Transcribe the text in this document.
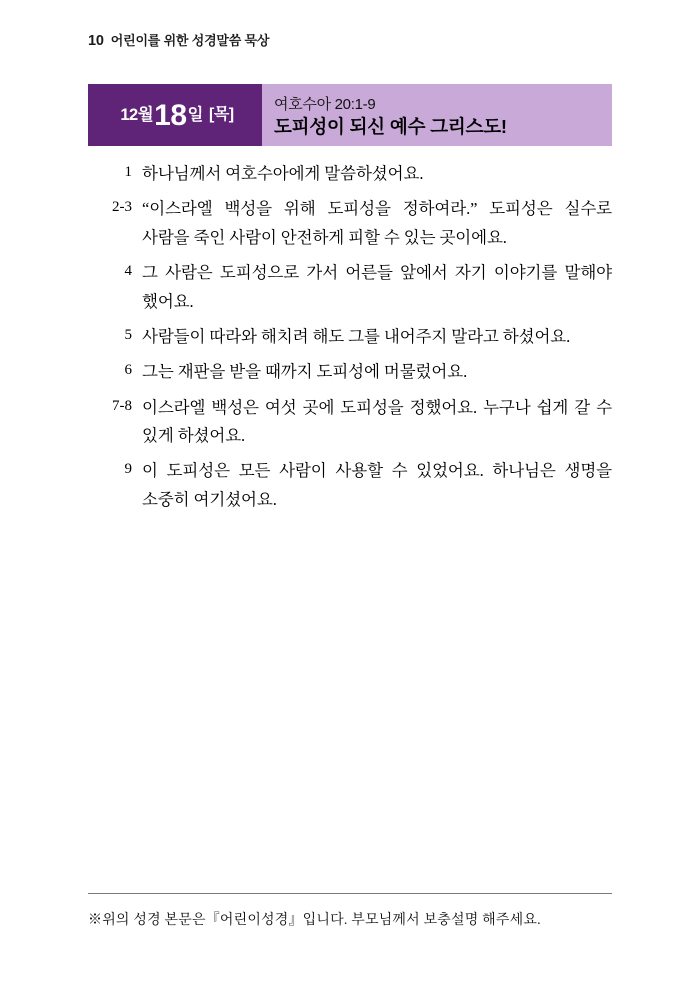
10 어린이를 위한 성경말씀 묵상
12월 18 일 [목]
여호수아 20:1-9
도피성이 되신 예수 그리스도!
1 하나님께서 여호수아에게 말씀하셨어요.
2-3 “이스라엘 백성을 위해 도피성을 정하여라.” 도피성은 실수로 사람을 죽인 사람이 안전하게 피할 수 있는 곳이에요.
4 그 사람은 도피성으로 가서 어른들 앞에서 자기 이야기를 말해야 했어요.
5 사람들이 따라와 해치려 해도 그를 내어주지 말라고 하셨어요.
6 그는 재판을 받을 때까지 도피성에 머물렀어요.
7-8 이스라엘 백성은 여섯 곳에 도피성을 정했어요. 누구나 쉽게 갈 수 있게 하셨어요.
9 이 도피성은 모든 사람이 사용할 수 있었어요. 하나님은 생명을 소중히 여기셨어요.
※위의 성경 본문은『어린이성경』입니다. 부모님께서 보충설명 해주세요.
